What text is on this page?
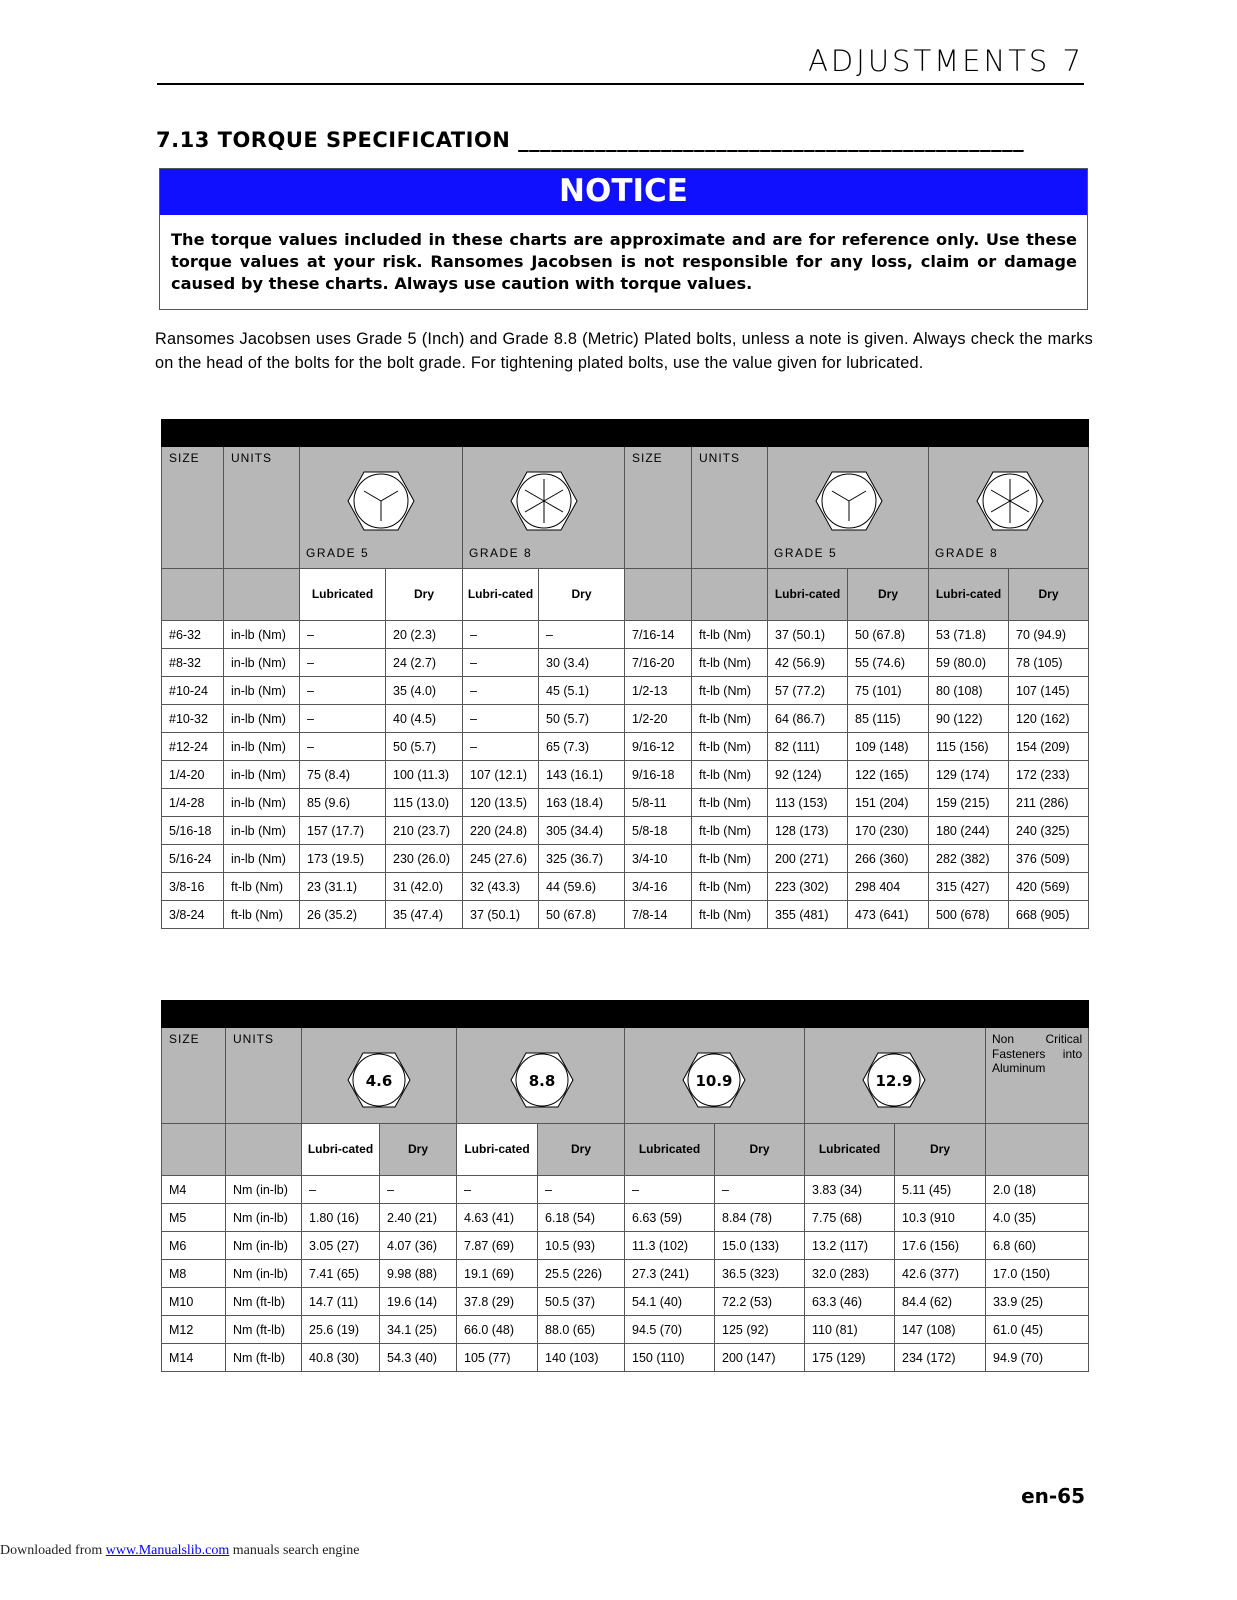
ADJUSTMENTS 7
7.13 TORQUE SPECIFICATION ______________________________________________
NOTICE
The torque values included in these charts are approximate and are for reference only. Use these torque values at your risk. Ransomes Jacobsen is not responsible for any loss, claim or damage caused by these charts. Always use caution with torque values.
Ransomes Jacobsen uses Grade 5 (Inch) and Grade 8.8 (Metric) Plated bolts, unless a note is given. Always check the marks on the head of the bolts for the bolt grade. For tightening plated bolts, use the value given for lubricated.

SIZE	UNITS	GRADE 5		GRADE 8		SIZE	UNITS	GRADE 5		GRADE 8	

		Lubricated	Dry	Lubri-cated	Dry			Lubri-cated	Dry	Lubri-cated	Dry
#6-32	in-lb (Nm)	–	20 (2.3)	–	–	7/16-14	ft-lb (Nm)	37 (50.1)	50 (67.8)	53 (71.8)	70 (94.9)
#8-32	in-lb (Nm)	–	24 (2.7)	–	30 (3.4)	7/16-20	ft-lb (Nm)	42 (56.9)	55 (74.6)	59 (80.0)	78 (105)
#10-24	in-lb (Nm)	–	35 (4.0)	–	45 (5.1)	1/2-13	ft-lb (Nm)	57 (77.2)	75 (101)	80 (108)	107 (145)
#10-32	in-lb (Nm)	–	40 (4.5)	–	50 (5.7)	1/2-20	ft-lb (Nm)	64 (86.7)	85 (115)	90 (122)	120 (162)
#12-24	in-lb (Nm)	–	50 (5.7)	–	65 (7.3)	9/16-12	ft-lb (Nm)	82 (111)	109 (148)	115 (156)	154 (209)
1/4-20	in-lb (Nm)	75 (8.4)	100 (11.3)	107 (12.1)	143 (16.1)	9/16-18	ft-lb (Nm)	92 (124)	122 (165)	129 (174)	172 (233)
1/4-28	in-lb (Nm)	85 (9.6)	115 (13.0)	120 (13.5)	163 (18.4)	5/8-11	ft-lb (Nm)	113 (153)	151 (204)	159 (215)	211 (286)
5/16-18	in-lb (Nm)	157 (17.7)	210 (23.7)	220 (24.8)	305 (34.4)	5/8-18	ft-lb (Nm)	128 (173)	170 (230)	180 (244)	240 (325)
5/16-24	in-lb (Nm)	173 (19.5)	230 (26.0)	245 (27.6)	325 (36.7)	3/4-10	ft-lb (Nm)	200 (271)	266 (360)	282 (382)	376 (509)
3/8-16	ft-lb (Nm)	23 (31.1)	31 (42.0)	32 (43.3)	44 (59.6)	3/4-16	ft-lb (Nm)	223 (302)	298 404	315 (427)	420 (569)
3/8-24	ft-lb (Nm)	26 (35.2)	35 (47.4)	37 (50.1)	50 (67.8)	7/8-14	ft-lb (Nm)	355 (481)	473 (641)	500 (678)	668 (905)

SIZE	UNITS	4.6		8.8		10.9		12.9		Non Critical Fasteners into Aluminum
		Lubri-cated	Dry	Lubri-cated	Dry	Lubricated	Dry	Lubricated	Dry	
M4	Nm (in-lb)	–	–	–	–	–	–	3.83 (34)	5.11 (45)	2.0 (18)
M5	Nm (in-lb)	1.80 (16)	2.40 (21)	4.63 (41)	6.18 (54)	6.63 (59)	8.84 (78)	7.75 (68)	10.3 (910	4.0 (35)
M6	Nm (in-lb)	3.05 (27)	4.07 (36)	7.87 (69)	10.5 (93)	11.3 (102)	15.0 (133)	13.2 (117)	17.6 (156)	6.8 (60)
M8	Nm (in-lb)	7.41 (65)	9.98 (88)	19.1 (69)	25.5 (226)	27.3 (241)	36.5 (323)	32.0 (283)	42.6 (377)	17.0 (150)
M10	Nm (ft-lb)	14.7 (11)	19.6 (14)	37.8 (29)	50.5 (37)	54.1 (40)	72.2 (53)	63.3 (46)	84.4 (62)	33.9 (25)
M12	Nm (ft-lb)	25.6 (19)	34.1 (25)	66.0 (48)	88.0 (65)	94.5 (70)	125 (92)	110 (81)	147 (108)	61.0 (45)
M14	Nm (ft-lb)	40.8 (30)	54.3 (40)	105 (77)	140 (103)	150 (110)	200 (147)	175 (129)	234 (172)	94.9 (70)
en-65
Downloaded from www.Manualslib.com manuals search engine
